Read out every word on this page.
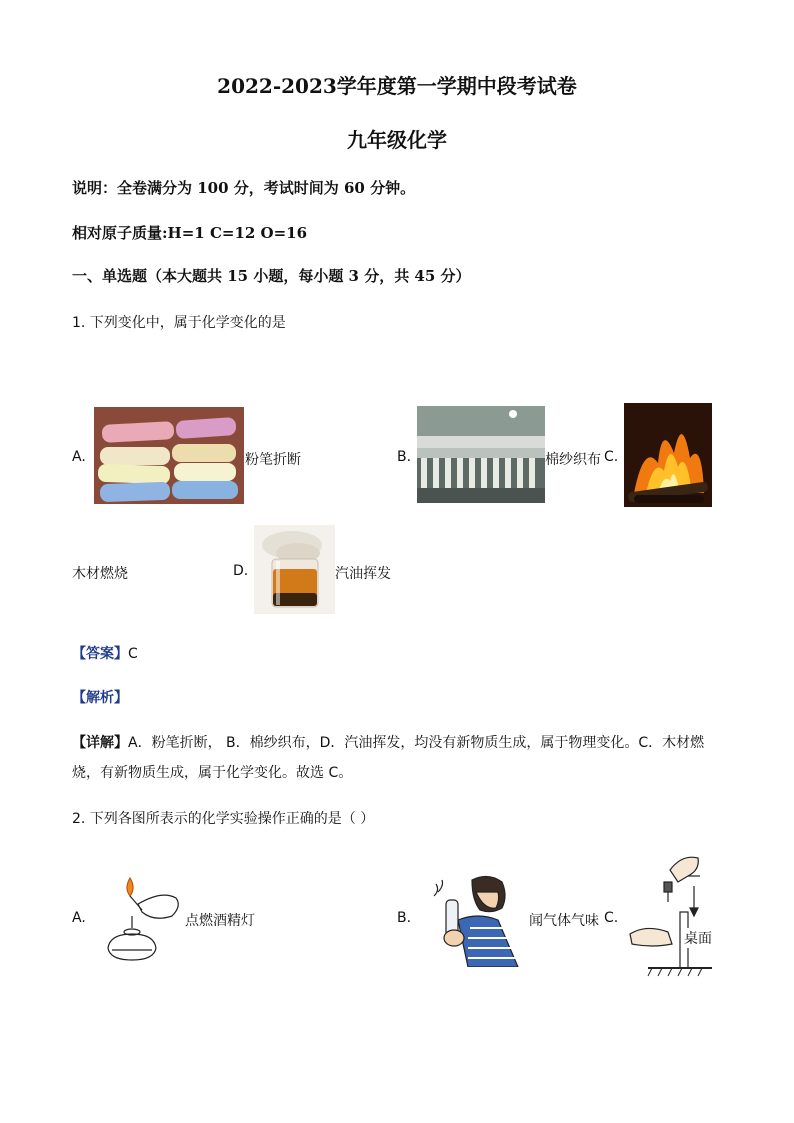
2022-2023学年度第一学期中段考试卷
九年级化学
说明：全卷满分为 100 分，考试时间为 60 分钟。
相对原子质量:H=1 C=12 O=16
一、单选题（本大题共 15 小题，每小题 3 分，共 45 分）
1. 下列变化中，属于化学变化的是
A.	粉笔折断	B.	棉纱织布 C.
木材燃烧	D.	汽油挥发
【答案】C
【解析】
【详解】A．粉笔折断， B．棉纱织布，D．汽油挥发，均没有新物质生成，属于物理变化。C．木材燃
烧，有新物质生成，属于化学变化。故选 C。
2. 下列各图所表示的化学实验操作正确的是（ ）
A.	点燃酒精灯	B.	闻气体气味 C.
桌面
